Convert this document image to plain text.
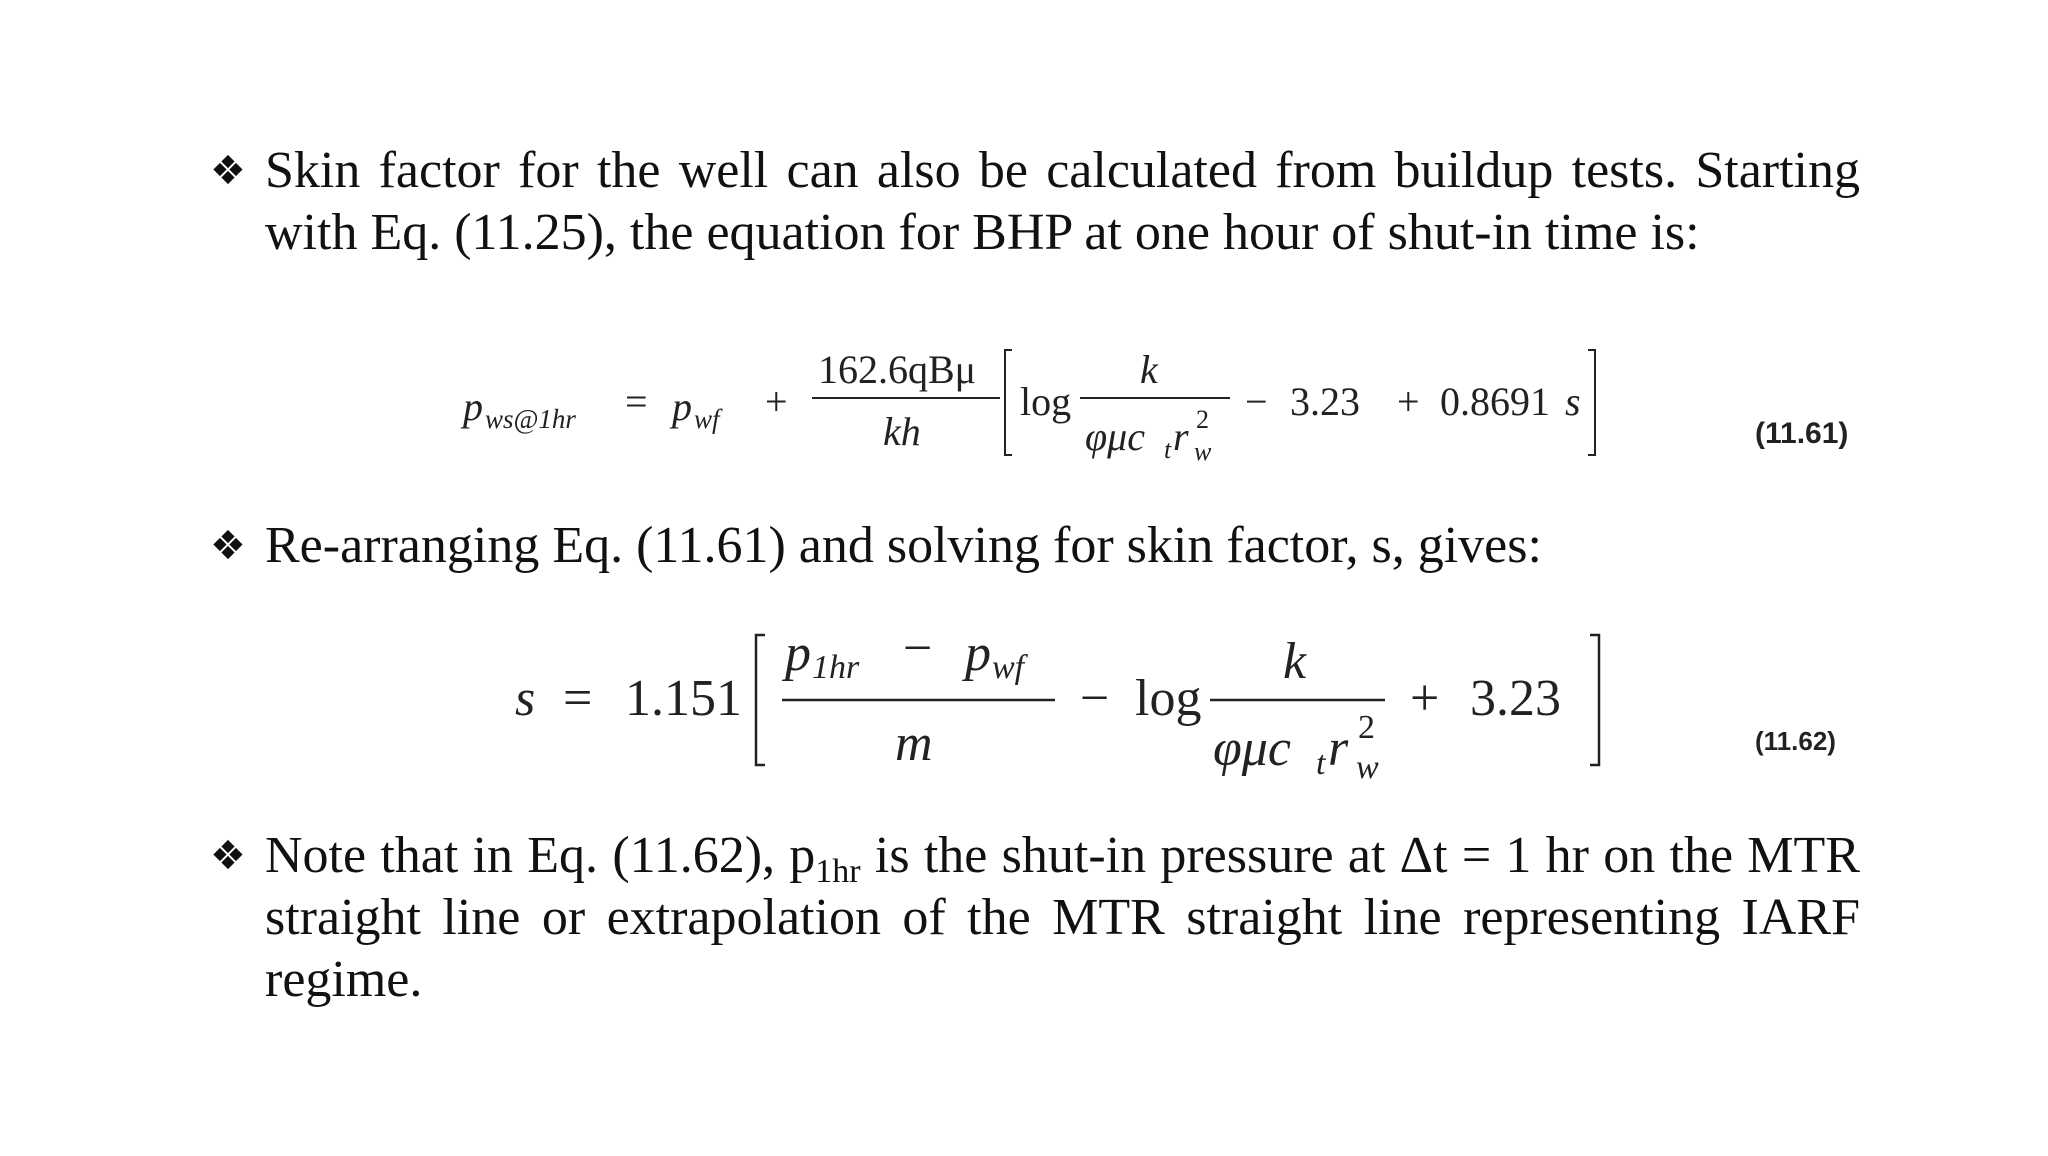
❖ Skin factor for the well can also be calculated from buildup tests. Starting with Eq. (11.25), the equation for BHP at one hour of shut-in time is:
p ws@1hr = p wf +
162.6qBμ
kh
log
k
φμc t r 2
w
− 3.23 + 0.8691 s
(11.61)
s = 1.151
p 1hr − p wf
m
− log
k
φμc t r 2
w
+ 3.23
(11.62)
❖ Re-arranging Eq. (11.61) and solving for skin factor, s, gives:
❖ Note that in Eq. (11.62), $p_{1hr}$ is the shut-in pressure at Δt = 1 hr on the MTR straight line or extrapolation of the MTR straight line representing IARF regime.
